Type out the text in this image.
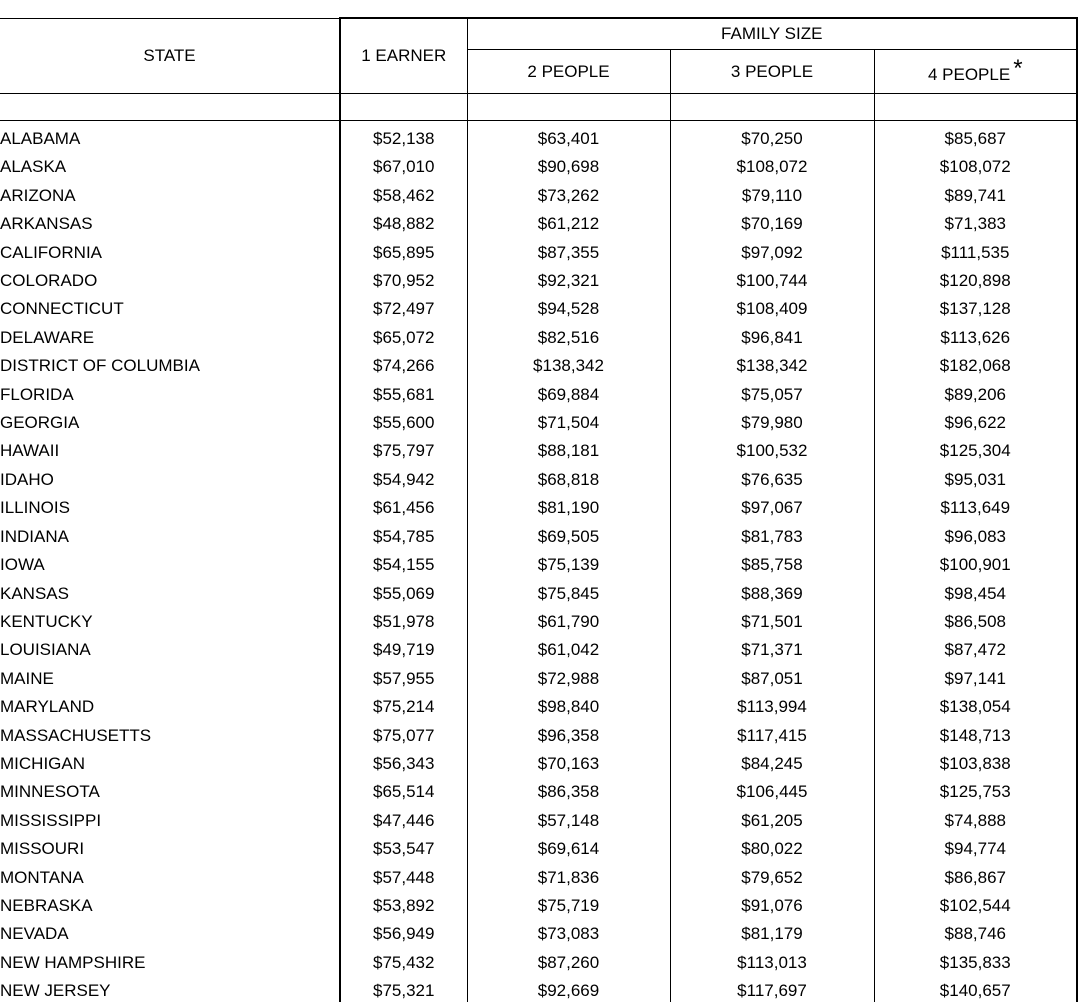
STATE	1 EARNER	FAMILY SIZE		
		2 PEOPLE	3 PEOPLE	4 PEOPLE *

ALABAMA	$52,138	$63,401	$70,250	$85,687
ALASKA	$67,010	$90,698	$108,072	$108,072
ARIZONA	$58,462	$73,262	$79,110	$89,741
ARKANSAS	$48,882	$61,212	$70,169	$71,383
CALIFORNIA	$65,895	$87,355	$97,092	$111,535
COLORADO	$70,952	$92,321	$100,744	$120,898
CONNECTICUT	$72,497	$94,528	$108,409	$137,128
DELAWARE	$65,072	$82,516	$96,841	$113,626
DISTRICT OF COLUMBIA	$74,266	$138,342	$138,342	$182,068
FLORIDA	$55,681	$69,884	$75,057	$89,206
GEORGIA	$55,600	$71,504	$79,980	$96,622
HAWAII	$75,797	$88,181	$100,532	$125,304
IDAHO	$54,942	$68,818	$76,635	$95,031
ILLINOIS	$61,456	$81,190	$97,067	$113,649
INDIANA	$54,785	$69,505	$81,783	$96,083
IOWA	$54,155	$75,139	$85,758	$100,901
KANSAS	$55,069	$75,845	$88,369	$98,454
KENTUCKY	$51,978	$61,790	$71,501	$86,508
LOUISIANA	$49,719	$61,042	$71,371	$87,472
MAINE	$57,955	$72,988	$87,051	$97,141
MARYLAND	$75,214	$98,840	$113,994	$138,054
MASSACHUSETTS	$75,077	$96,358	$117,415	$148,713
MICHIGAN	$56,343	$70,163	$84,245	$103,838
MINNESOTA	$65,514	$86,358	$106,445	$125,753
MISSISSIPPI	$47,446	$57,148	$61,205	$74,888
MISSOURI	$53,547	$69,614	$80,022	$94,774
MONTANA	$57,448	$71,836	$79,652	$86,867
NEBRASKA	$53,892	$75,719	$91,076	$102,544
NEVADA	$56,949	$73,083	$81,179	$88,746
NEW HAMPSHIRE	$75,432	$87,260	$113,013	$135,833
NEW JERSEY	$75,321	$92,669	$117,697	$140,657
